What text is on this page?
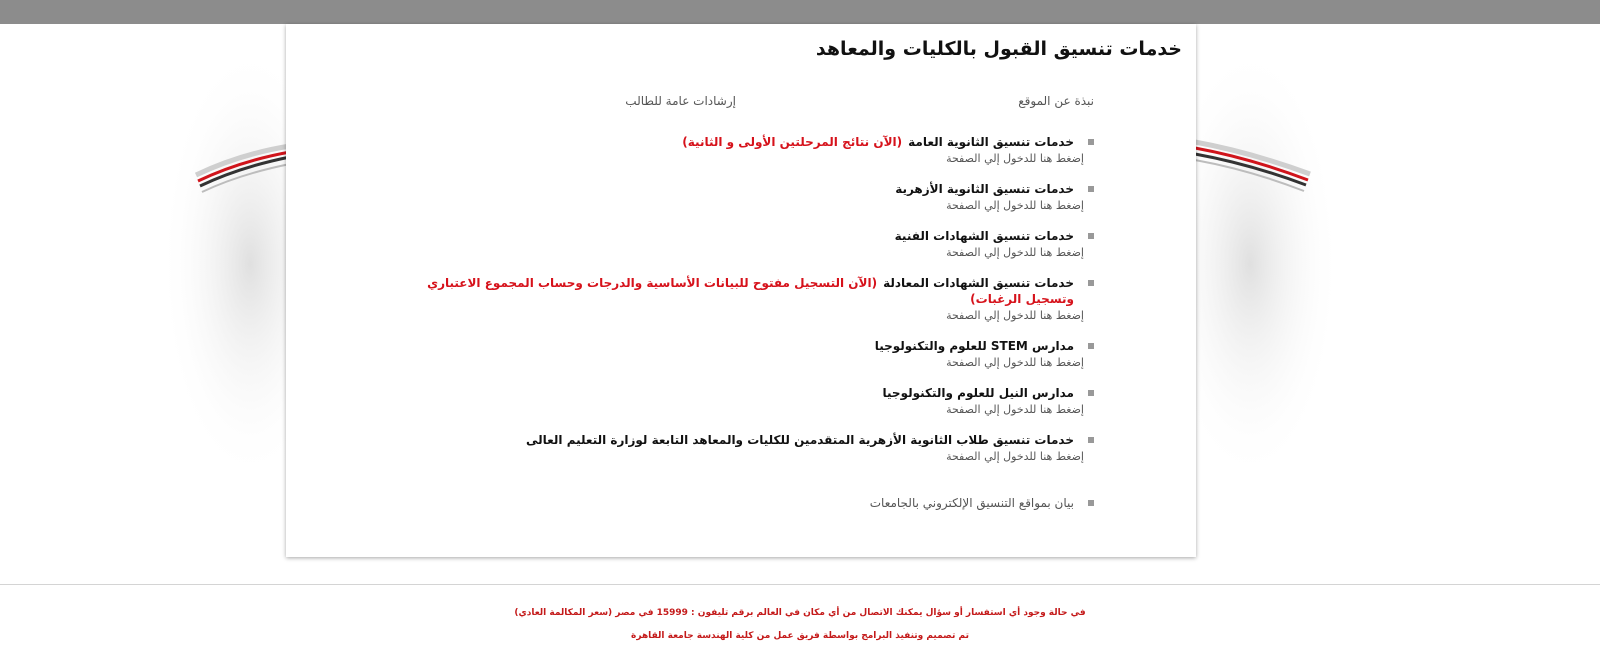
خدمات تنسيق القبول بالكليات والمعاهد
نبذة عن الموقع
إرشادات عامة للطالب
خدمات تنسيق الثانوية العامة(الآن نتائج المرحلتين الأولى و الثانية)
إضغط هنا للدخول إلي الصفحة
خدمات تنسيق الثانوية الأزهرية
إضغط هنا للدخول إلي الصفحة
خدمات تنسيق الشهادات الفنية
إضغط هنا للدخول إلي الصفحة
خدمات تنسيق الشهادات المعادلة(الآن التسجيل مفتوح للبيانات الأساسية والدرجات وحساب المجموع الاعتباري وتسجيل الرغبات)
إضغط هنا للدخول إلي الصفحة
مدارس STEM للعلوم والتكنولوجيا
إضغط هنا للدخول إلي الصفحة
مدارس النيل للعلوم والتكنولوجيا
إضغط هنا للدخول إلي الصفحة
خدمات تنسيق طلاب الثانوية الأزهرية المتقدمين للكليات والمعاهد التابعة لوزارة التعليم العالى
إضغط هنا للدخول إلي الصفحة
بيان بمواقع التنسيق الإلكتروني بالجامعات

في حالة وجود أي استفسار أو سؤال يمكنك الاتصال من أي مكان في العالم برقم تليفون : 15999 في مصر (سعر المكالمة العادي)

تم تصميم وتنفيذ البرامج بواسطة فريق عمل من كلية الهندسة جامعة القاهرة
